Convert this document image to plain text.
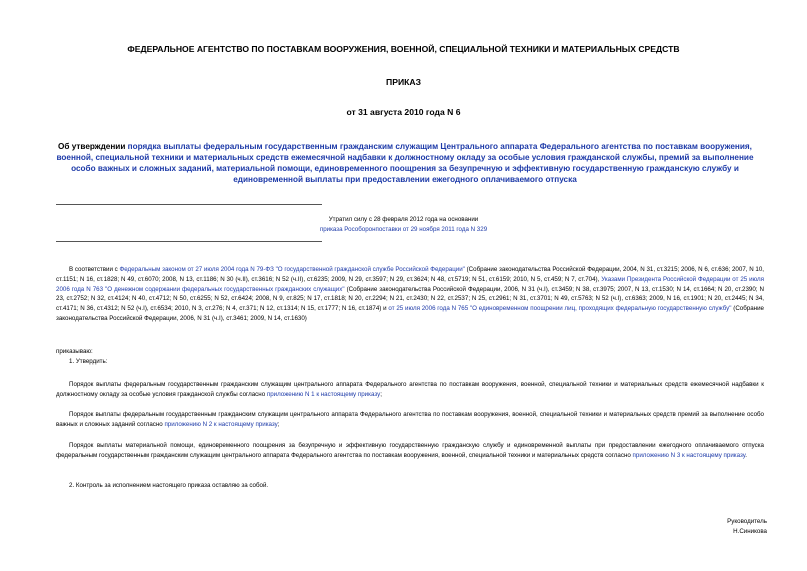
ФЕДЕРАЛЬНОЕ АГЕНТСТВО ПО ПОСТАВКАМ ВООРУЖЕНИЯ, ВОЕННОЙ, СПЕЦИАЛЬНОЙ ТЕХНИКИ И МАТЕРИАЛЬНЫХ СРЕДСТВ
ПРИКАЗ
от 31 августа 2010 года N 6
Об утверждении порядка выплаты федеральным государственным гражданским служащим Центрального аппарата Федерального агентства по поставкам вооружения, военной, специальной техники и материальных средств ежемесячной надбавки к должностному окладу за особые условия гражданской службы, премий за выполнение особо важных и сложных заданий, материальной помощи, единовременного поощрения за безупречную и эффективную государственную гражданскую службу и единовременной выплаты при предоставлении ежегодного оплачиваемого отпуска
Утратил силу с 28 февраля 2012 года на основании
приказа Рособоронпоставки от 29 ноября 2011 года N 329
В соответствии с Федеральным законом от 27 июля 2004 года N 79-ФЗ "О государственной гражданской службе Российской Федерации" (Собрание законодательства Российской Федерации, 2004, N 31, ст.3215; 2006, N 6, ст.636; 2007, N 10, ст.1151; N 16, ст.1828; N 49, ст.6070; 2008, N 13, ст.1186; N 30 (ч.II), ст.3616; N 52 (ч.II), ст.6235; 2009, N 29, ст.3597; N 29, ст.3624; N 48, ст.5719; N 51, ст.6159; 2010, N 5, ст.459; N 7, ст.704), Указами Президента Российской Федерации от 25 июля 2006 года N 763 "О денежном содержании федеральных государственных гражданских служащих" (Собрание законодательства Российской Федерации, 2006, N 31 (ч.I), ст.3459; N 38, ст.3975; 2007, N 13, ст.1530; N 14, ст.1664; N 20, ст.2390; N 23, ст.2752; N 32, ст.4124; N 40, ст.4712; N 50, ст.6255; N 52, ст.6424; 2008, N 9, ст.825; N 17, ст.1818; N 20, ст.2294; N 21, ст.2430; N 22, ст.2537; N 25, ст.2961; N 31, ст.3701; N 49, ст.5763; N 52 (ч.I), ст.6363; 2009, N 16, ст.1901; N 20, ст.2445; N 34, ст.4171; N 36, ст.4312; N 52 (ч.I), ст.6534; 2010, N 3, ст.276; N 4, ст.371; N 12, ст.1314; N 15, ст.1777; N 16, ст.1874) и от 25 июля 2006 года N 765 "О единовременном поощрении лиц, проходящих федеральную государственную службу" (Собрание законодательства Российской Федерации, 2006, N 31 (ч.I), ст.3461; 2009, N 14, ст.1630)
приказываю:
1. Утвердить:
Порядок выплаты федеральным государственным гражданским служащим центрального аппарата Федерального агентства по поставкам вооружения, военной, специальной техники и материальных средств ежемесячной надбавки к должностному окладу за особые условия гражданской службы согласно приложению N 1 к настоящему приказу;
Порядок выплаты федеральным государственным гражданским служащим центрального аппарата Федерального агентства по поставкам вооружения, военной, специальной техники и материальных средств премий за выполнение особо важных и сложных заданий согласно приложению N 2 к настоящему приказу;
Порядок выплаты материальной помощи, единовременного поощрения за безупречную и эффективную государственную гражданскую службу и единовременной выплаты при предоставлении ежегодного оплачиваемого отпуска федеральным государственным гражданским служащим центрального аппарата Федерального агентства по поставкам вооружения, военной, специальной техники и материальных средств согласно приложению N 3 к настоящему приказу.
2. Контроль за исполнением настоящего приказа оставляю за собой.
Руководитель
Н.Синикова
